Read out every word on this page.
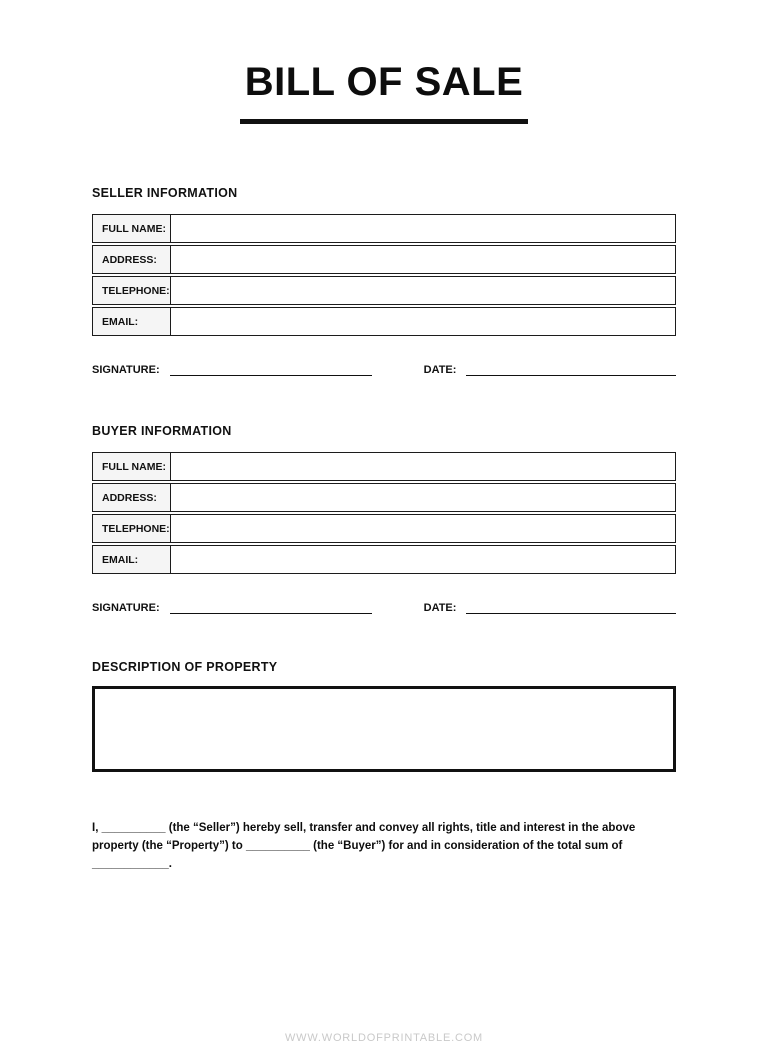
BILL OF SALE
SELLER INFORMATION
FULL NAME:
ADDRESS:
TELEPHONE:
EMAIL:
SIGNATURE:	DATE:
BUYER INFORMATION
FULL NAME:
ADDRESS:
TELEPHONE:
EMAIL:
SIGNATURE:	DATE:
DESCRIPTION OF PROPERTY

I, __________ (the “Seller”) hereby sell, transfer and convey all rights, title and interest in the above property (the “Property”) to __________ (the “Buyer”) for and in consideration of the total sum of ____________.

WWW.WORLDOFPRINTABLE.COM
